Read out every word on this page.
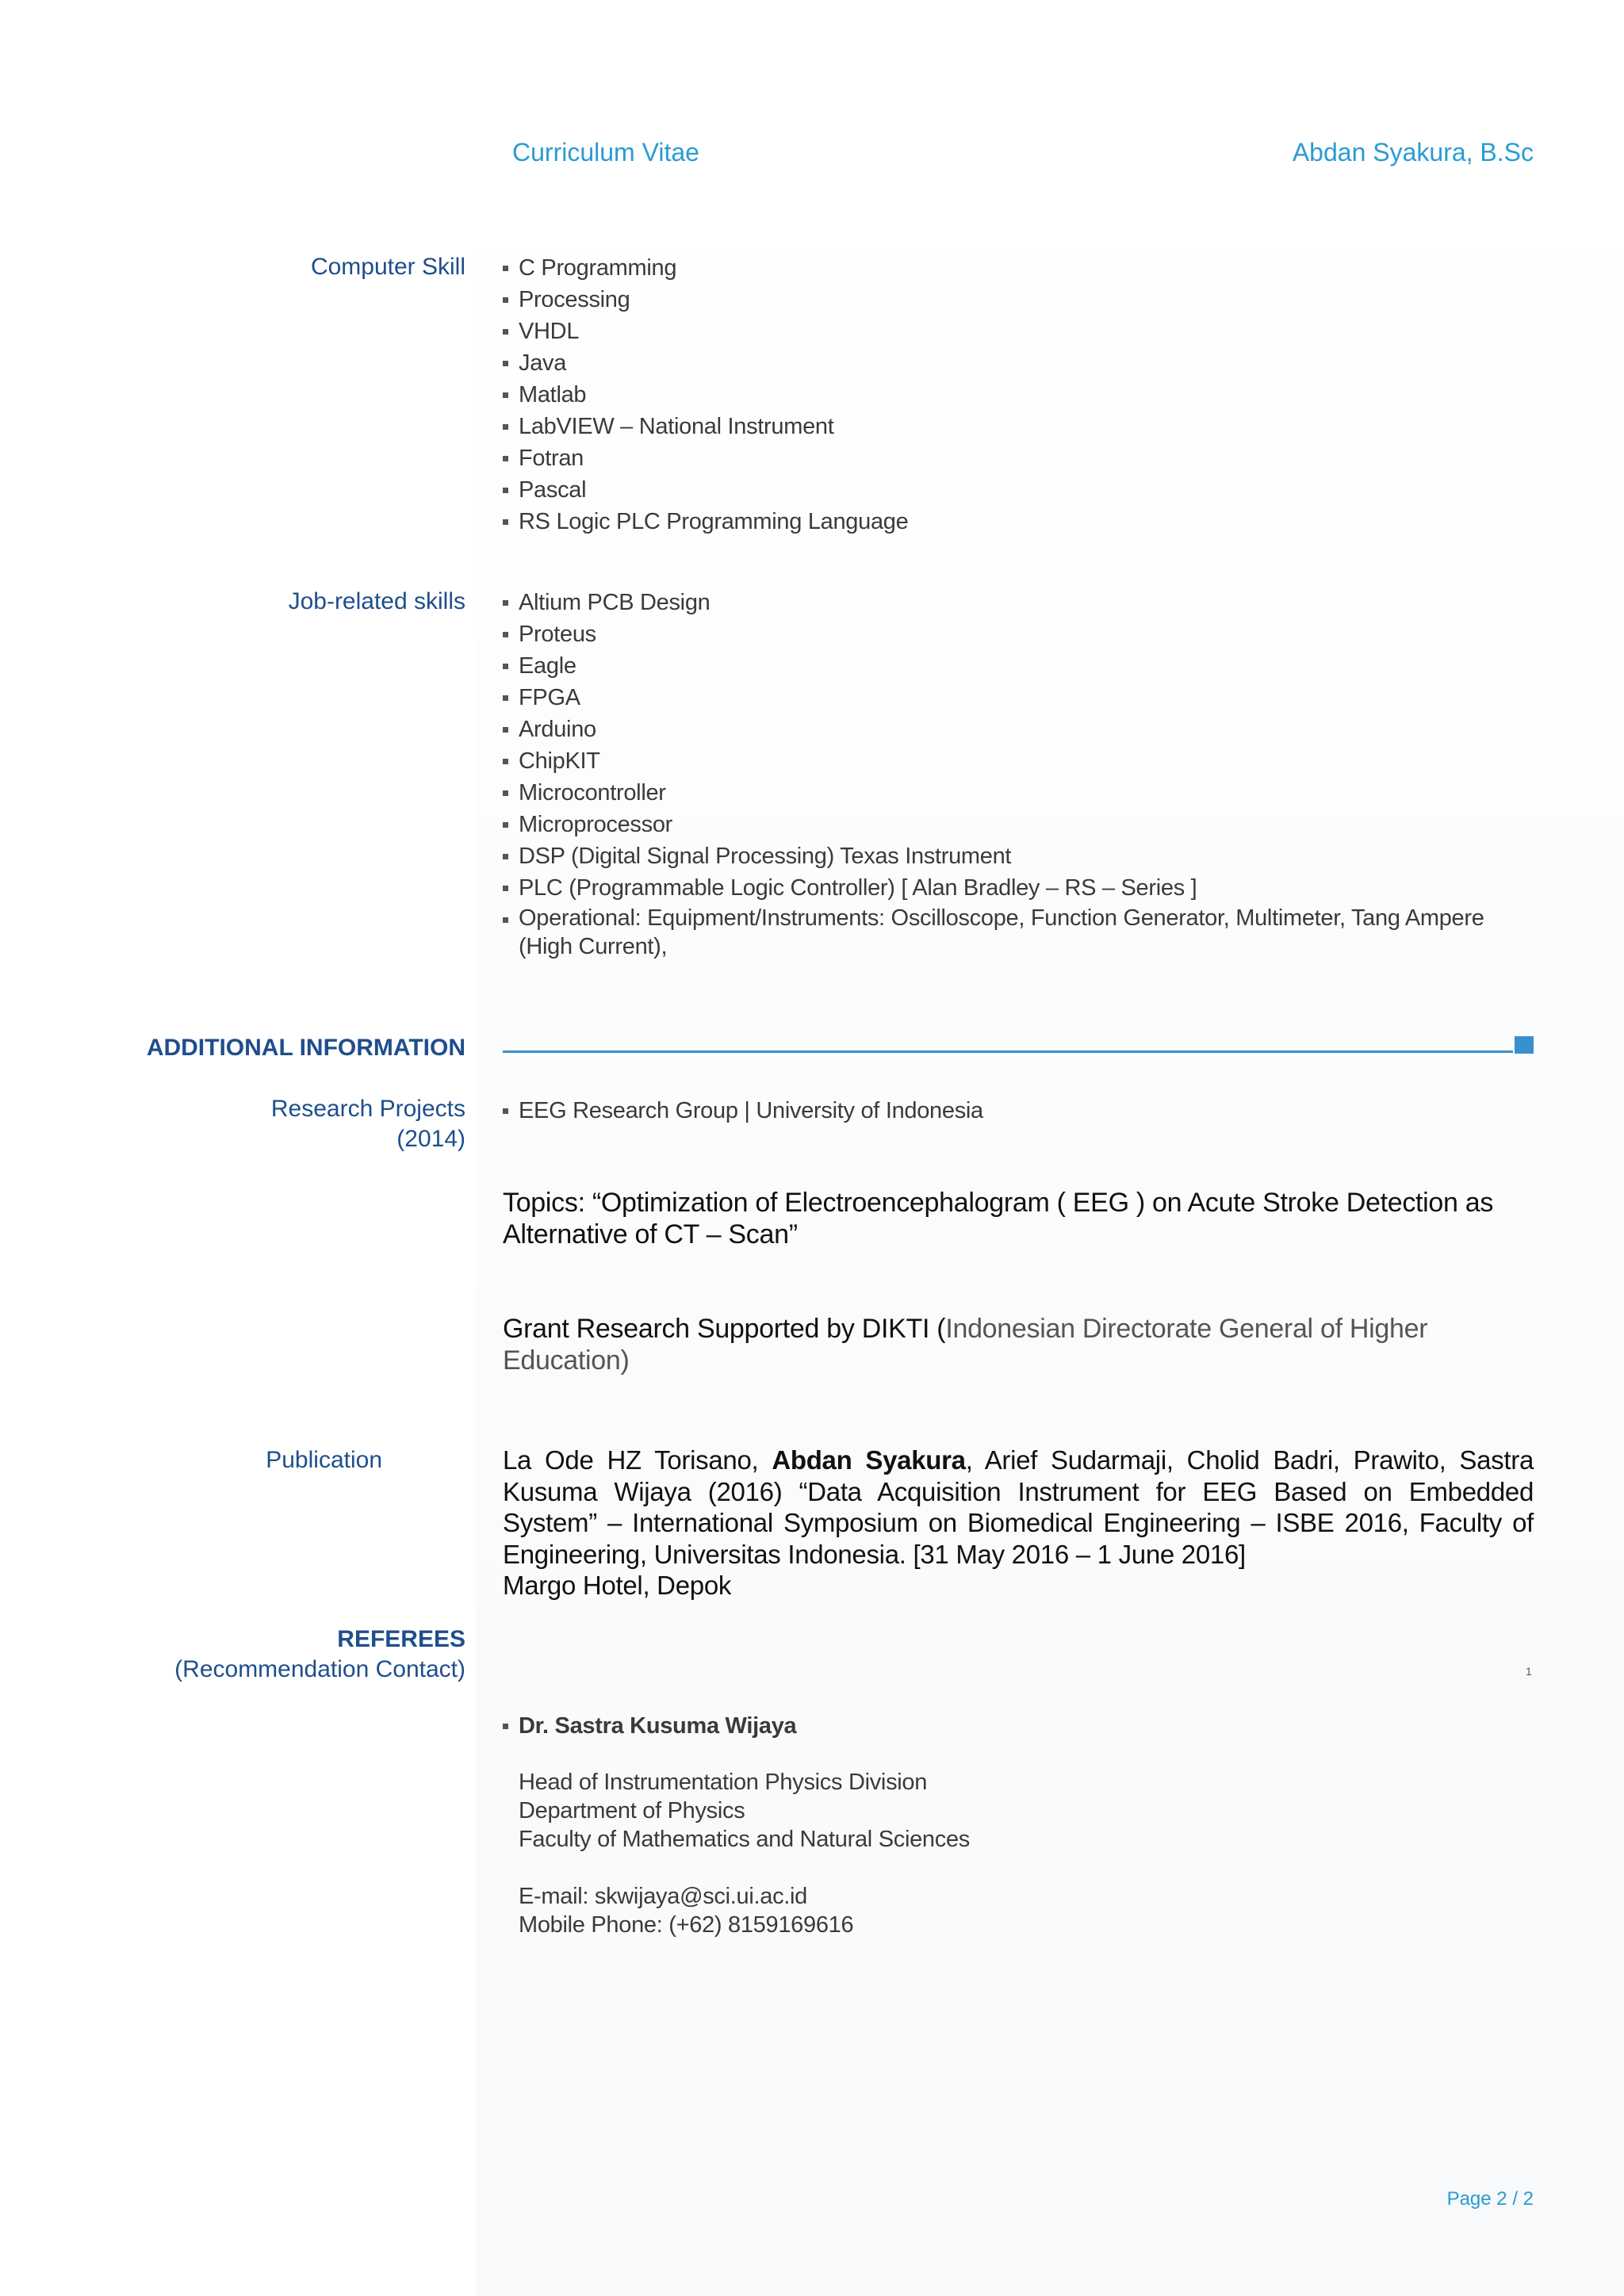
Curriculum Vitae	Abdan Syakura, B.Sc
Computer Skill	C Programming
Processing
VHDL
Java
Matlab
LabVIEW – National Instrument
Fotran
Pascal
RS Logic PLC Programming Language
Job-related skills	Altium PCB Design
Proteus
Eagle
FPGA
Arduino
ChipKIT
Microcontroller
Microprocessor
DSP (Digital Signal Processing) Texas Instrument
PLC (Programmable Logic Controller) [ Alan Bradley – RS – Series ]
Operational: Equipment/Instruments: Oscilloscope, Function Generator, Multimeter, Tang Ampere (High Current),
ADDITIONAL INFORMATION
Research Projects
(2014)
EEG Research Group | University of Indonesia
Topics: “Optimization of Electroencephalogram ( EEG ) on Acute Stroke Detection as Alternative of CT – Scan”
Grant Research Supported by DIKTI (Indonesian Directorate General of Higher
Education)
Publication	La Ode HZ Torisano, Abdan Syakura, Arief Sudarmaji, Cholid Badri, Prawito, Sastra Kusuma Wijaya (2016) “Data Acquisition Instrument for EEG Based on Embedded System” – International Symposium on Biomedical Engineering – ISBE 2016, Faculty of Engineering, Universitas Indonesia. [31 May 2016 – 1 June 2016]
Margo Hotel, Depok
REFEREES
(Recommendation Contact)	1
Dr. Sastra Kusuma Wijaya
Head of Instrumentation Physics Division
Department of Physics
Faculty of Mathematics and Natural Sciences
E-mail: skwijaya@sci.ui.ac.id
Mobile Phone: (+62) 8159169616
Page 2 / 2
